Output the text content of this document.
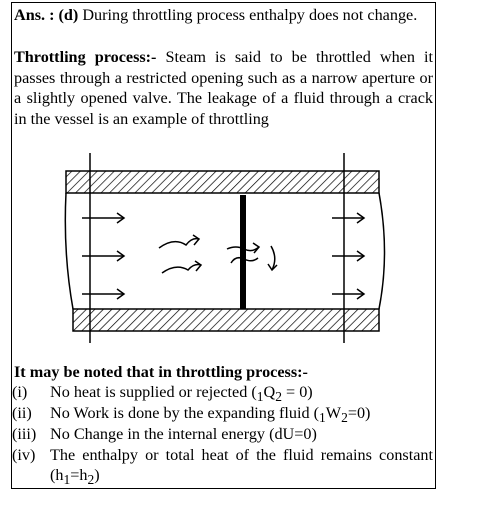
Ans. : (d) During throttling process enthalpy does not change.

Throttling process:- Steam is said to be throttled when it passes through a restricted opening such as a narrow aperture or a slightly opened valve. The leakage of a fluid through a crack in the vessel is an example of throttling

It may be noted that in throttling process:-
(i) No heat is supplied or rejected $(_1Q_2 = 0)$
(ii) No Work is done by the expanding fluid $(_1W_2=0)$
(iii) No Change in the internal energy (dU=0)
(iv) The enthalpy or total heat of the fluid remains constant $(h_1=h_2)$
